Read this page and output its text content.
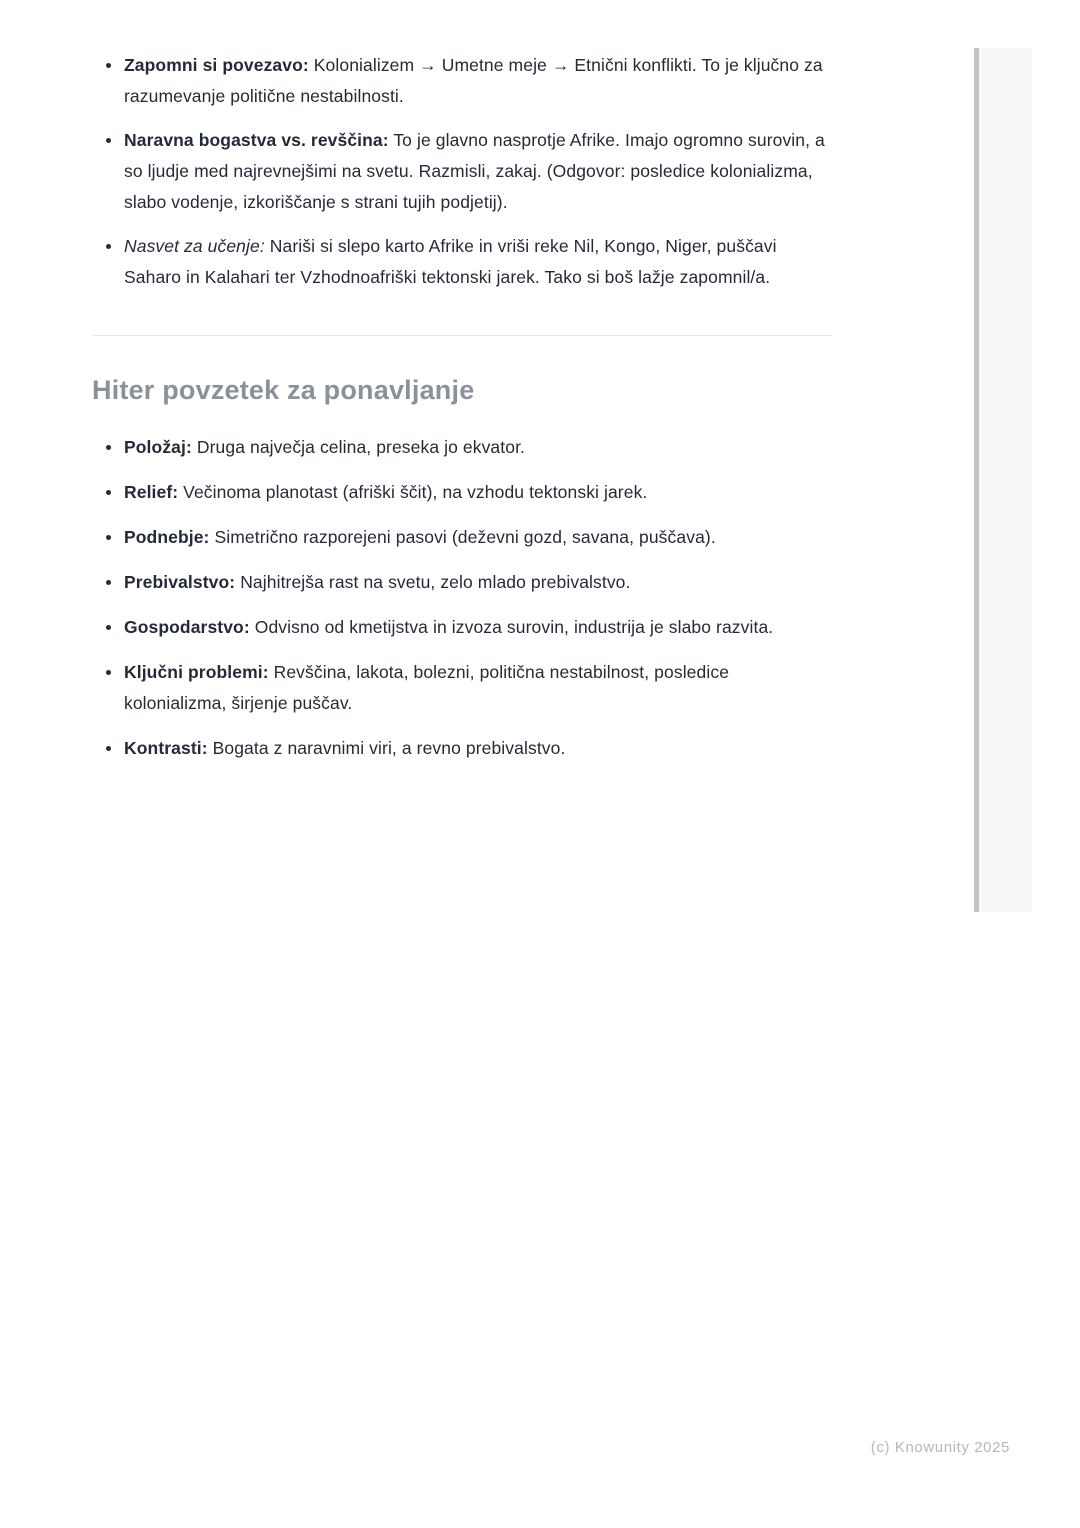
Zapomni si povezavo: Kolonializem → Umetne meje → Etnični konflikti. To je ključno za razumevanje politične nestabilnosti.
Naravna bogastva vs. revščina: To je glavno nasprotje Afrike. Imajo ogromno surovin, a so ljudje med najrevnejšimi na svetu. Razmisli, zakaj. (Odgovor: posledice kolonializma, slabo vodenje, izkoriščanje s strani tujih podjetij).
Nasvet za učenje: Nariši si slepo karto Afrike in vriši reke Nil, Kongo, Niger, puščavi Saharo in Kalahari ter Vzhodnoafriški tektonski jarek. Tako si boš lažje zapomnil/a.
Hiter povzetek za ponavljanje
Položaj: Druga največja celina, preseka jo ekvator.
Relief: Večinoma planotast (afriški ščit), na vzhodu tektonski jarek.
Podnebje: Simetrično razporejeni pasovi (deževni gozd, savana, puščava).
Prebivalstvo: Najhitrejša rast na svetu, zelo mlado prebivalstvo.
Gospodarstvo: Odvisno od kmetijstva in izvoza surovin, industrija je slabo razvita.
Ključni problemi: Revščina, lakota, bolezni, politična nestabilnost, posledice kolonializma, širjenje puščav.
Kontrasti: Bogata z naravnimi viri, a revno prebivalstvo.
(c) Knowunity 2025
